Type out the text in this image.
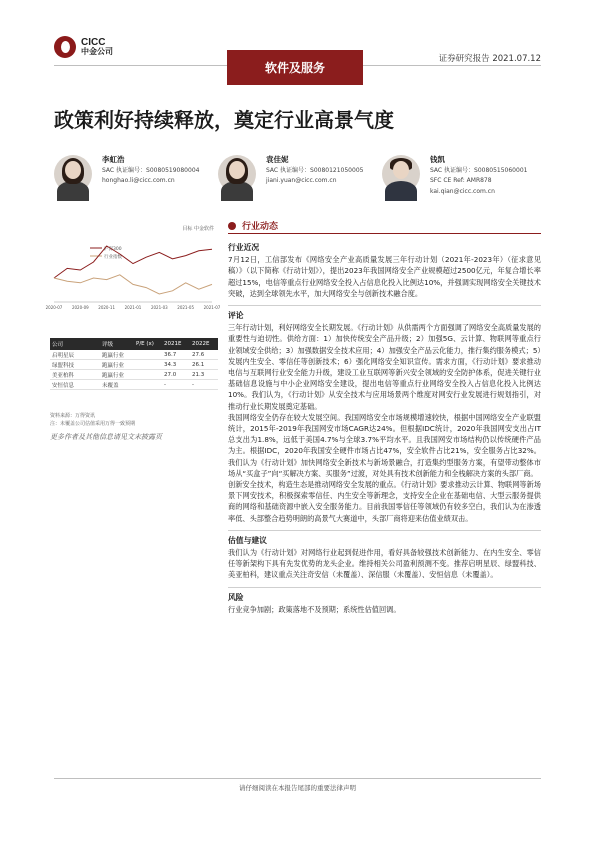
CICC
中金公司
软件及服务
证券研究报告 2021.07.12
政策利好持续释放，奠定行业高景气度
李虹浩
SAC 执证编号：S0080519080004
honghao.li@cicc.com.cn
袁佳妮
SAC 执证编号：S0080121050005
jiani.yuan@cicc.com.cn
钱凯
SAC 执证编号：S0080515060001
SFC CE Ref: AMR878
kai.qian@cicc.com.cn
目标 中金软件
沪深300
行业指数
2020-07 2020-09 2020-11 2021-01 2021-03 2021-05 2021-07
公司	评级	P/E (x)	2021E	2022E
启明星辰	跑赢行业	36.7	27.6
绿盟科技	跑赢行业	34.3	26.1
美亚柏科	跑赢行业	27.0	21.3
安恒信息	未覆盖	-	-
资料来源：万得资讯
注：未覆盖公司估值采用万得一致预期
更多作者及其他信息请见文末披露页
行业动态
行业近况

7月12日，工信部发布《网络安全产业高质量发展三年行动计划（2021年-2023年）（征求意见稿）》（以下简称《行动计划》），提出2023年我国网络安全产业规模超过2500亿元，年复合增长率超过15%，电信等重点行业网络安全投入占信息化投入比例达10%，并强调实现网络安全关键技术突破，达到全球领先水平，加大网络安全与创新技术融合度。

评论

三年行动计划，利好网络安全长期发展。《行动计划》从供需两个方面强调了网络安全高质量发展的重要性与迫切性。供给方面：1）加快传统安全产品升级；2）加强5G、云计算、物联网等重点行业领域安全供给；3）加强数据安全技术应用；4）加强安全产品云化能力，推行集约服务模式；5）发展内生安全、零信任等创新技术；6）强化网络安全知识宣传。需求方面，《行动计划》要求推动电信与互联网行业安全能力升级，建设工业互联网等新兴安全领域的安全防护体系，促进关键行业基础信息设施与中小企业网络安全建设，提出电信等重点行业网络安全投入占信息化投入比例达10%。我们认为，《行动计划》从安全技术与应用场景两个维度对网安行业发展进行规划指引，对推动行业长期发展奠定基础。

我国网络安全仍存在较大发展空间。我国网络安全市场规模增速较快，根据中国网络安全产业联盟统计，2015年-2019年我国网安市场CAGR达24%。但根据IDC统计，2020年我国网安支出占IT总支出为1.8%，远低于美国4.7%与全球3.7%平均水平。且我国网安市场结构仍以传统硬件产品为主。根据IDC，2020年我国安全硬件市场占比47%，安全软件占比21%，安全服务占比32%。我们认为《行动计划》加快网络安全新技术与新场景融合，打造集约型服务方案，有望带动整体市场从“买盒子”向“买解决方案、买服务”过渡，对处具有技术创新能力和全栈解决方案的头部厂商。

创新安全技术，构造生态是推动网络安全发展的重点。《行动计划》要求推动云计算、物联网等新场景下网安技术，积极探索零信任、内生安全等新理念，支持安全企业在基础电信、大型云服务提供商的网络和基础资源中嵌入安全服务能力。目前我国零信任等领域仍有较多空白，我们认为在渗透率低、头部整合趋势明朗的高景气大赛道中，头部厂商将迎来估值业绩双击。

估值与建议

我们认为《行动计划》对网络行业起到促进作用，看好具备较强技术创新能力、在内生安全、零信任等新架构下具有先发优势的龙头企业。维持相关公司盈利预测不变。推荐启明星辰、绿盟科技、美亚柏科，建议重点关注奇安信（未覆盖）、深信服（未覆盖）、安恒信息（未覆盖）。

风险

行业竞争加剧；政策落地不及预期；系统性估值回调。

请仔细阅读在本报告尾部的重要法律声明
